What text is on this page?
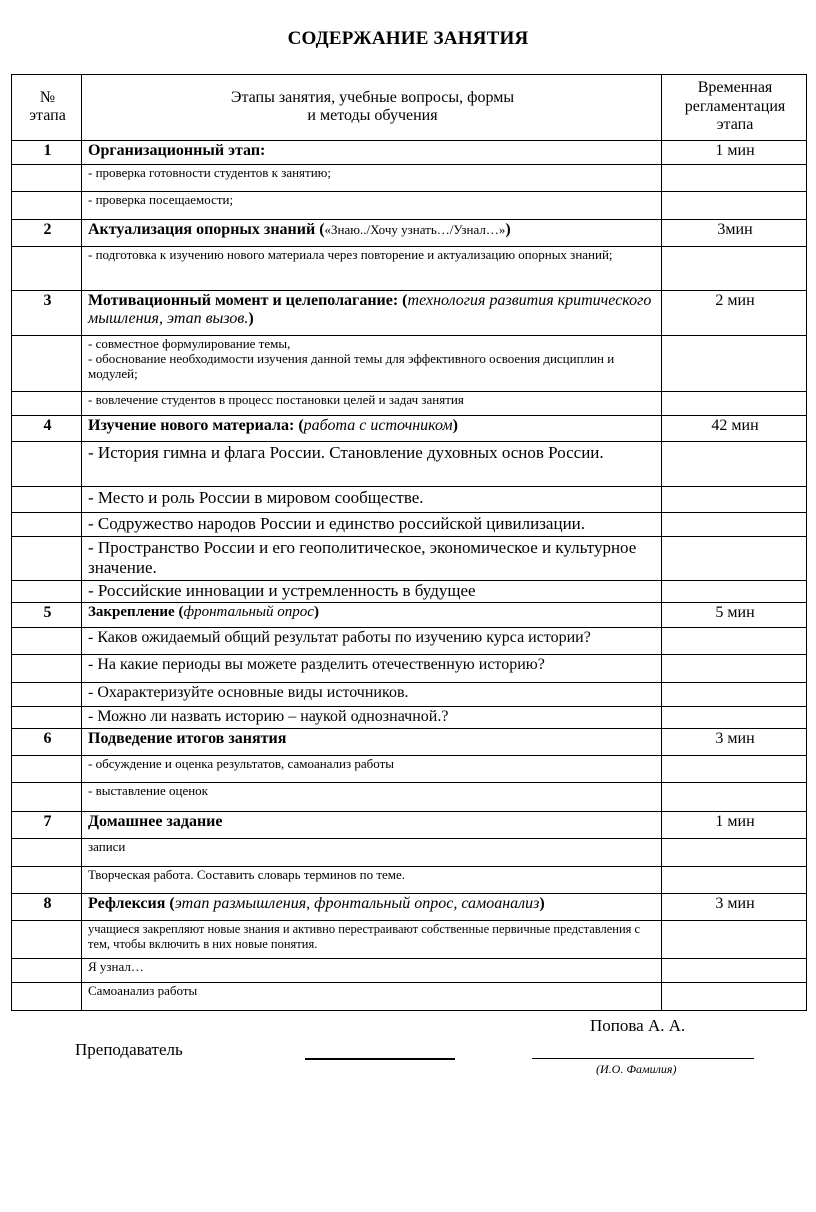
СОДЕРЖАНИЕ ЗАНЯТИЯ
№ этапа	Этапы занятия, учебные вопросы, формы и методы обучения	Временная регламентация этапа
1	Организационный этап:	1 мин
	- проверка готовности студентов к занятию;	
	- проверка посещаемости;	
2	Актуализация опорных знаний («Знаю../Хочу узнать…/Узнал…»)	3мин
	- подготовка к изучению нового материала через повторение и актуализацию опорных знаний;	
3	Мотивационный момент и целеполагание: (технология развития критического мышления, этап вызов.)	2 мин

	- совместное формулирование темы,
- обоснование необходимости изучения данной темы для эффективного освоения дисциплин и модулей;	

	- вовлечение студентов в процесс постановки целей и задач занятия	
4	Изучение нового материала: (работа с источником)	42 мин
	- История гимна и флага России. Становление духовных основ России.	
	- Место и роль России в мировом сообществе.	
	- Содружество народов России и единство российской цивилизации.	
	- Пространство России и его геополитическое, экономическое и культурное значение.	
	- Российские инновации и устремленность в будущее	
5	Закрепление (фронтальный опрос)	5 мин
	- Каков ожидаемый общий результат работы по изучению курса истории?	
	- На какие периоды вы можете разделить отечественную историю?	
	- Охарактеризуйте основные виды источников.	
	- Можно ли назвать историю – наукой однозначной.?	
6	Подведение итогов занятия	3 мин
	- обсуждение и оценка результатов, самоанализ работы	
	- выставление оценок	
7	Домашнее задание	1 мин
	записи	
	Творческая работа. Составить словарь терминов по теме.	
8	Рефлексия (этап размышления, фронтальный опрос, самоанализ)	3 мин
	учащиеся закрепляют новые знания и активно перестраивают собственные первичные представления с тем, чтобы включить в них новые понятия.	
	Я узнал…	
	Самоанализ работы	
Попова А. А.
Преподаватель
(И.О. Фамилия)
